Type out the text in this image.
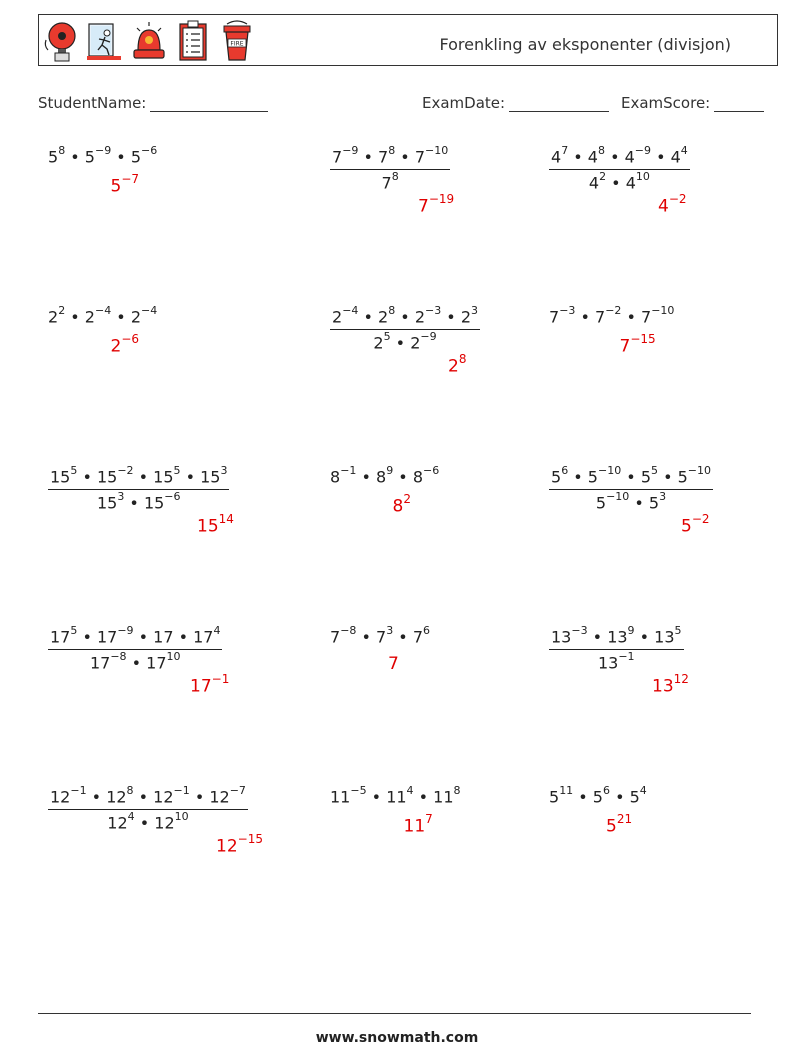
FIRE	Forenkling av eksponenter (divisjon)
StudentName:	ExamDate:	ExamScore:
$5^8$ • $5^{-9}$ • $5^{-6}$
$5^{-7}$	$\frac{7^{-9} • 7^8 • 7^{-10}}{7^8}$
$7^{-19}$
$\frac{4^7 • 4^8 • 4^{-9} • 4^4}{4^2 • 4^{10}}$
$4^{-2}$
$2^2$ • $2^{-4}$ • $2^{-4}$
$2^{-6}$	$\frac{2^{-4} • 2^8 • 2^{-3} • 2^3}{2^5 • 2^{-9}}$
$2^8$
$7^{-3}$ • $7^{-2}$ • $7^{-10}$
$7^{-15}$
$\frac{15^5 • 15^{-2} • 15^5 • 15^3}{15^3 • 15^{-6}}$
$15^{14}$
$8^{-1}$ • $8^9$ • $8^{-6}$
$8^2$	$\frac{5^6 • 5^{-10} • 5^5 • 5^{-10}}{5^{-10} • 5^3}$
$5^{-2}$
$\frac{17^5 • 17^{-9} • 17 • 17^4}{17^{-8} • 17^{10}}$
$17^{-1}$
$7^{-8}$ • $7^3$ • $7^6$
7	$\frac{13^{-3} • 13^9 • 13^5}{13^{-1}}$
$13^{12}$
$\frac{12^{-1} • 12^8 • 12^{-1} • 12^{-7}}{12^4 • 12^{10}}$
$12^{-15}$
$11^{-5}$ • $11^4$ • $11^8$
$11^7$
$5^{11}$ • $5^6$ • $5^4$
$5^{21}$
www.snowmath.com
